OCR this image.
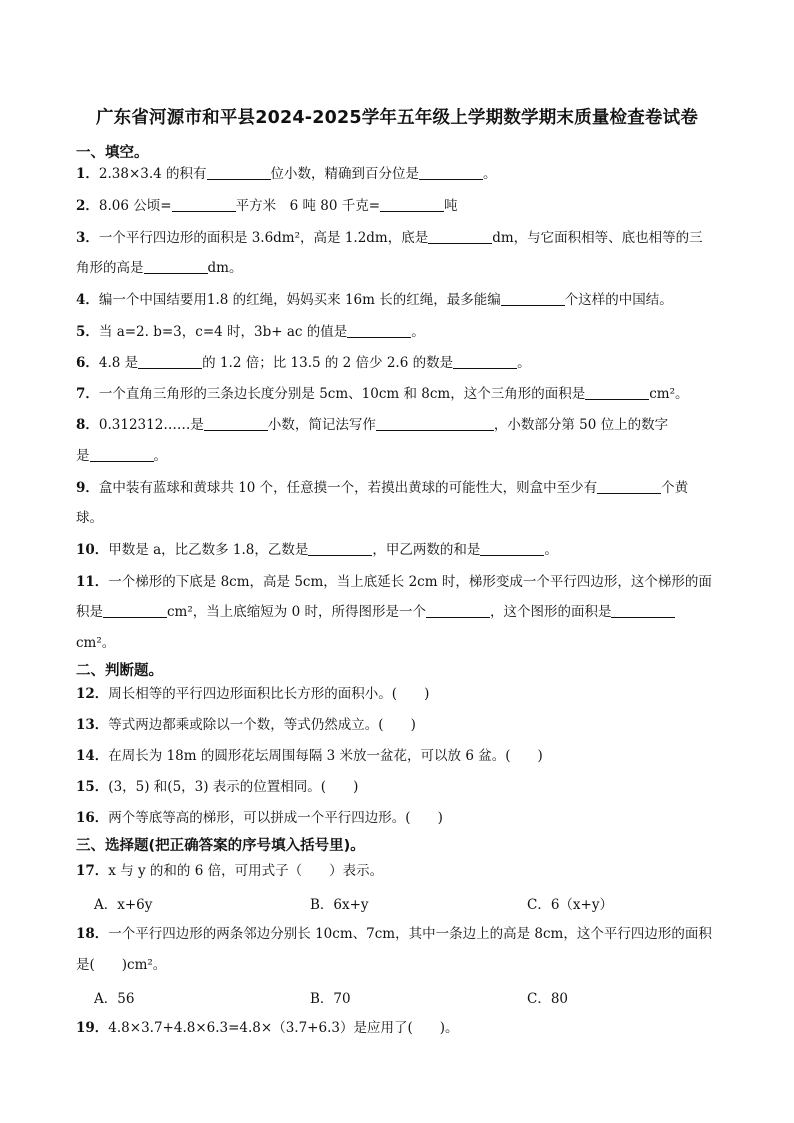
广东省河源市和平县2024-2025学年五年级上学期数学期末质量检查卷试卷
一、填空。
1．2.38×3.4 的积有	位小数，精确到百分位是	。
2．8.06 公顷=	平方米　6 吨 80 千克=	吨
3．一个平行四边形的面积是 3.6dm²，高是 1.2dm，底是	dm，与它面积相等、底也相等的三
角形的高是	dm。
4．编一个中国结要用1.8 的红绳，妈妈买来 16m 长的红绳，最多能编	个这样的中国结。
5．当 a=2. b=3，c=4 时，3b+ ac 的值是	。
6．4.8 是	的 1.2 倍；比 13.5 的 2 倍少 2.6 的数是	。
7．一个直角三角形的三条边长度分别是 5cm、10cm 和 8cm，这个三角形的面积是	cm²。
8．0.312312……是	小数，简记法写作	，小数部分第 50 位上的数字
是	。
9．盒中装有蓝球和黄球共 10 个，任意摸一个，若摸出黄球的可能性大，则盒中至少有	个黄
球。
10．甲数是 a，比乙数多 1.8，乙数是	，甲乙两数的和是	。
11．一个梯形的下底是 8cm，高是 5cm，当上底延长 2cm 时，梯形变成一个平行四边形，这个梯形的面
积是	cm²，当上底缩短为 0 时，所得图形是一个	，这个图形的面积是
cm²。
二、判断题。
12．周长相等的平行四边形面积比长方形的面积小。(　　)
13．等式两边都乘或除以一个数，等式仍然成立。(　　)
14．在周长为 18m 的圆形花坛周围每隔 3 米放一盆花，可以放 6 盆。(　　)
15．(3，5) 和(5，3) 表示的位置相同。(　　)
16．两个等底等高的梯形，可以拼成一个平行四边形。(　　)
三、选择题(把正确答案的序号填入括号里)。
17．x 与 y 的和的 6 倍，可用式子（　　）表示。
A．x+6y	B．6x+y	C．6（x+y）
18．一个平行四边形的两条邻边分别长 10cm、7cm，其中一条边上的高是 8cm，这个平行四边形的面积
是(　　)cm²。
A．56	B．70	C．80
19．4.8×3.7+4.8×6.3=4.8×（3.7+6.3）是应用了(　　)。
